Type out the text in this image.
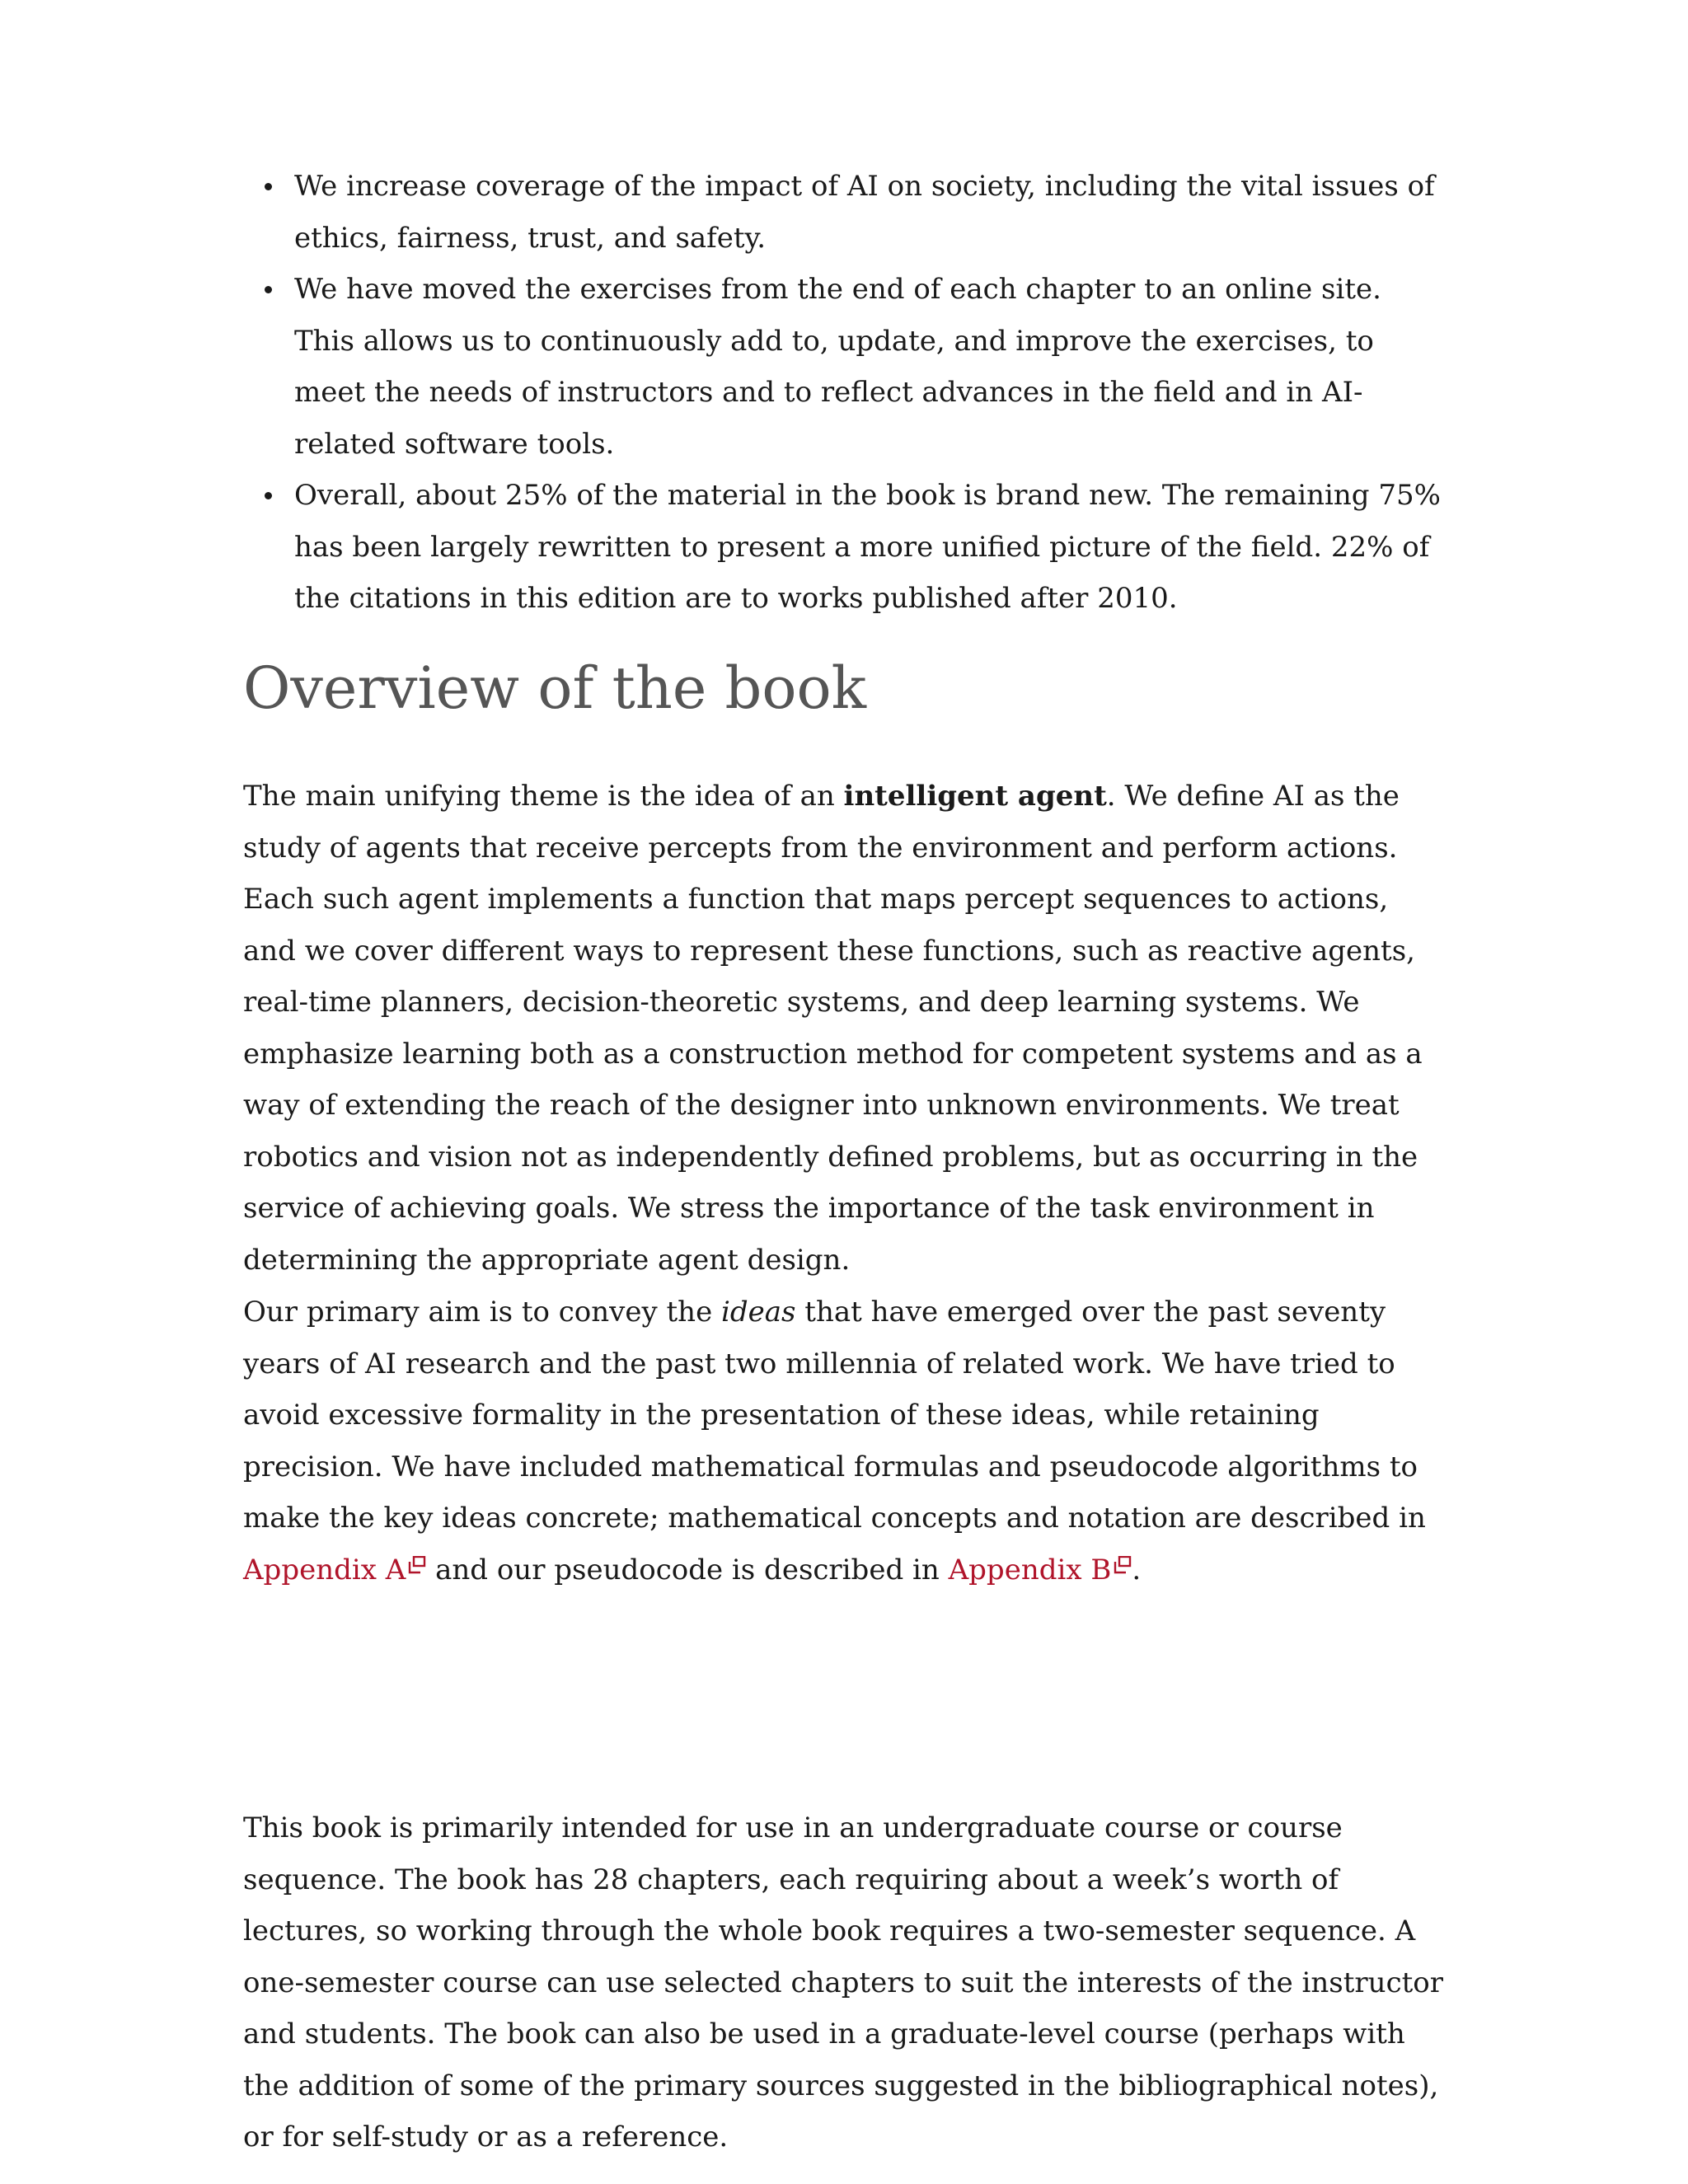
We increase coverage of the impact of AI on society, including the vital issues of ethics, fairness, trust, and safety.
We have moved the exercises from the end of each chapter to an online site. This allows us to continuously add to, update, and improve the exercises, to meet the needs of instructors and to reflect advances in the field and in AI-related software tools.
Overall, about 25% of the material in the book is brand new. The remaining 75% has been largely rewritten to present a more unified picture of the field. 22% of the citations in this edition are to works published after 2010.
Overview of the book

The main unifying theme is the idea of an intelligent agent. We define AI as the study of agents that receive percepts from the environment and perform actions. Each such agent implements a function that maps percept sequences to actions, and we cover different ways to represent these functions, such as reactive agents, real-time planners, decision-theoretic systems, and deep learning systems. We emphasize learning both as a construction method for competent systems and as a way of extending the reach of the designer into unknown environments. We treat robotics and vision not as independently defined problems, but as occurring in the service of achieving goals. We stress the importance of the task environment in determining the appropriate agent design.

Our primary aim is to convey the ideas that have emerged over the past seventy years of AI research and the past two millennia of related work. We have tried to avoid excessive formality in the presentation of these ideas, while retaining precision. We have included mathematical formulas and pseudocode algorithms to make the key ideas concrete; mathematical concepts and notation are described in Appendix A and our pseudocode is described in Appendix B .

This book is primarily intended for use in an undergraduate course or course sequence. The book has 28 chapters, each requiring about a week’s worth of lectures, so working through the whole book requires a two-semester sequence. A one-semester course can use selected chapters to suit the interests of the instructor and students. The book can also be used in a graduate-level course (perhaps with the addition of some of the primary sources suggested in the bibliographical notes), or for self-study or as a reference.
